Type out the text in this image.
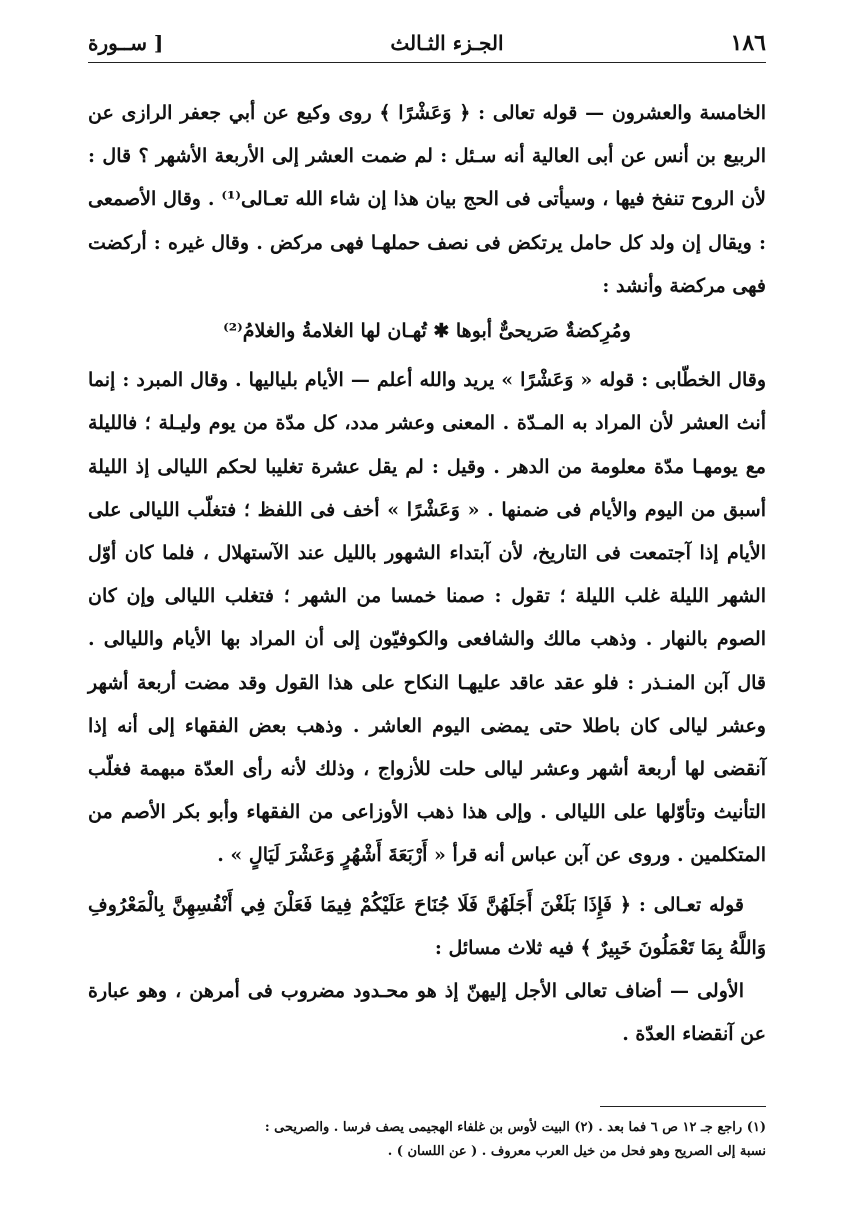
١٨٦
الجـزء الثـالث
[ ســورة

الخامسة والعشرون — قوله تعالى : ﴿ وَعَشْرًا ﴾ روى وكيع عن أبي جعفر الرازى عن الربيع بن أنس عن أبى العالية أنه سـئل : لم ضمت العشر إلى الأربعة الأشهر ؟ قال : لأن الروح تنفخ فيها ، وسيأتى فى الحج بيان هذا إن شاء الله تعـالى⁽¹⁾ . وقال الأصمعى : ويقال إن ولد كل حامل يرتكض فى نصف حملهـا فهى مركض . وقال غيره : أركضت فهى مركضة وأنشد :

ومُرِكضةٌ صَريحىٌّ أبوها ✱ تُهـان لها الغلامةُ والغلامُ⁽²⁾

وقال الخطّابى : قوله « وَعَشْرًا » يريد والله أعلم — الأيام بلياليها . وقال المبرد : إنما أنث العشر لأن المراد به المـدّة . المعنى وعشر مدد، كل مدّة من يوم وليـلة ؛ فالليلة مع يومهـا مدّة معلومة من الدهر . وقيل : لم يقل عشرة تغليبا لحكم الليالى إذ الليلة أسبق من اليوم والأيام فى ضمنها . « وَعَشْرًا » أخف فى اللفظ ؛ فتغلّب الليالى على الأيام إذا آجتمعت فى التاريخ، لأن آبتداء الشهور بالليل عند الآستهلال ، فلما كان أوّل الشهر الليلة غلب الليلة ؛ تقول : صمنا خمسا من الشهر ؛ فتغلب الليالى وإن كان الصوم بالنهار . وذهب مالك والشافعى والكوفيّون إلى أن المراد بها الأيام والليالى . قال آبن المنـذر : فلو عقد عاقد عليهـا النكاح على هذا القول وقد مضت أربعة أشهر وعشر ليالى كان باطلا حتى يمضى اليوم العاشر . وذهب بعض الفقهاء إلى أنه إذا آنقضى لها أربعة أشهر وعشر ليالى حلت للأزواج ، وذلك لأنه رأى العدّة مبهمة فغلّب التأنيث وتأوّلها على الليالى . وإلى هذا ذهب الأوزاعى من الفقهاء وأبو بكر الأصم من المتكلمين . وروى عن آبن عباس أنه قرأ « أَرْبَعَةَ أَشْهُرٍ وَعَشْرَ لَيَالٍ » .

قوله تعـالى : ﴿ فَإِذَا بَلَغْنَ أَجَلَهُنَّ فَلَا جُنَاحَ عَلَيْكُمْ فِيمَا فَعَلْنَ فِي أَنْفُسِهِنَّ بِالْمَعْرُوفِ وَاللَّهُ بِمَا تَعْمَلُونَ خَبِيرٌ ﴾ فيه ثلاث مسائل :

الأولى — أضاف تعالى الأجل إليهنّ إذ هو محـدود مضروب فى أمرهن ، وهو عبارة عن آنقضاء العدّة .

(١) راجع جـ ١٢ ص ٦ فما بعد . (٢) البيت لأوس بن غلفاء الهجيمى يصف فرسا . والصريحى :

نسبة إلى الصريح وهو فحل من خيل العرب معروف . ( عن اللسان ) .
